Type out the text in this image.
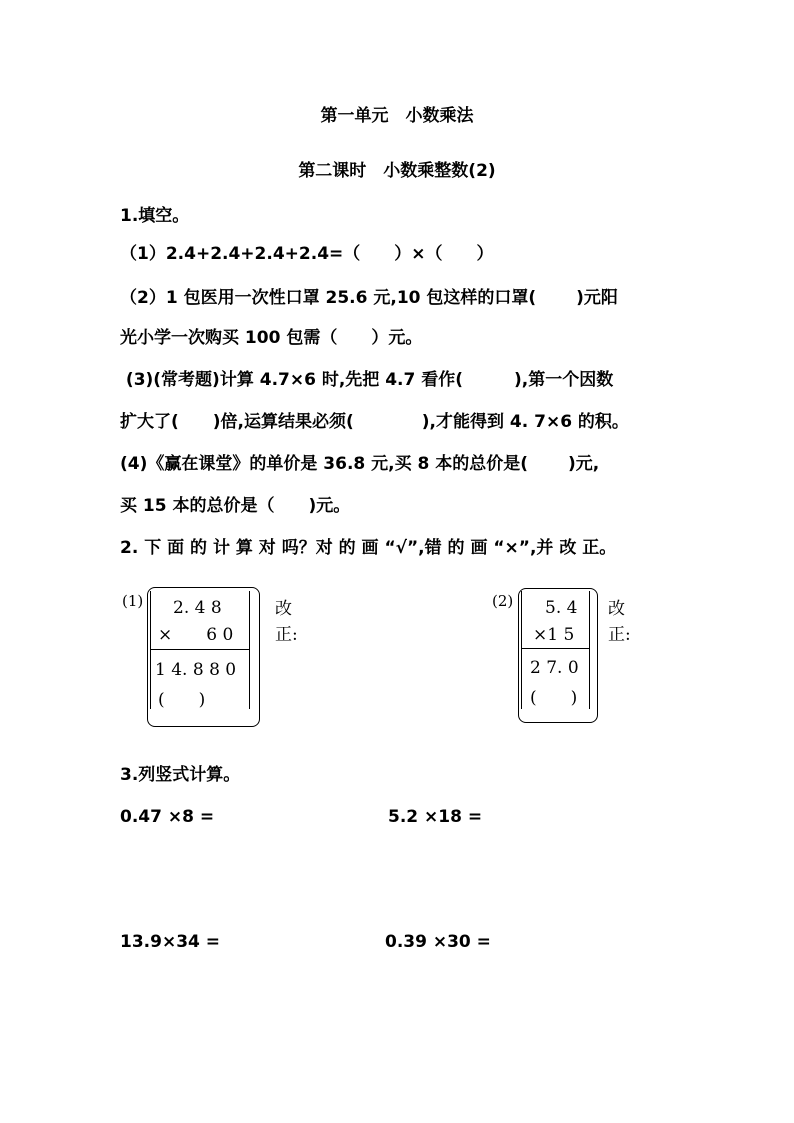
第一单元　小数乘法
第二课时　小数乘整数(2)
1.填空。
（1）2.4+2.4+2.4+2.4=（　　）×（　　）
（2）1 包医用一次性口罩 25.6 元,10 包这样的口罩(　　 )元阳
光小学一次购买 100 包需（　　）元。
(3)(常考题)计算 4.7×6 时,先把 4.7 看作(　　　),第一个因数
扩大了(　　)倍,运算结果必须(　　　　),才能得到 4. 7×6 的积。
(4)《赢在课堂》的单价是 36.8 元,买 8 本的总价是(　　 )元,
买 15 本的总价是（　　)元。
2. 下 面 的 计 算 对 吗？对 的 画 “√”,错 的 画 “×”,并 改 正。
(1) 2. 4 8
×　　6 0
1 4. 8 8 0
(　　)
改
正:
(2) 5. 4
×1 5
2 7. 0
(　　)
改
正:
3.列竖式计算。
0.47 ×8 =	5.2 ×18 =
13.9×34 =	0.39 ×30 =
